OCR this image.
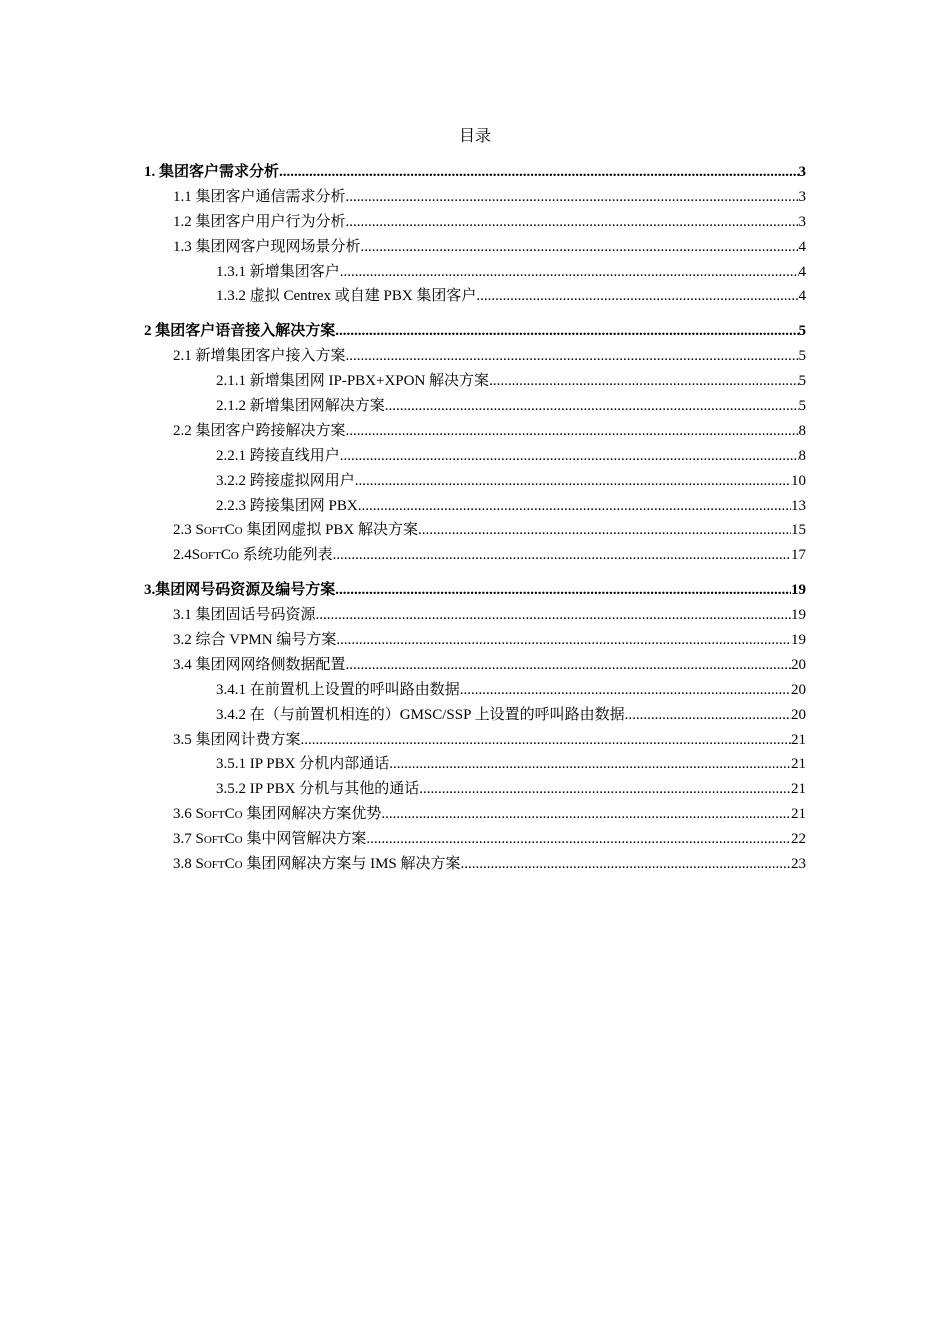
目录
1. 集团客户需求分析 .....	3
1.1 集团客户通信需求分析 .....	3
1.2 集团客户用户行为分析 .....	3
1.3 集团网客户现网场景分析 .....	4
1.3.1 新增集团客户 .....	4
1.3.2 虚拟 Centrex 或自建 PBX 集团客户 .....	4
2 集团客户语音接入解决方案 .....	5
2.1 新增集团客户接入方案 .....	5
2.1.1 新增集团网 IP-PBX+XPON 解决方案 .....	5
2.1.2 新增集团网解决方案 .....	5
2.2 集团客户跨接解决方案 .....	8
2.2.1 跨接直线用户 .....	8
3.2.2 跨接虚拟网用户 .....	10
2.2.3 跨接集团网 PBX .....	13
2.3 SoftCo 集团网虚拟 PBX 解决方案 .....	15
2.4SoftCo 系统功能列表 .....	17
3.集团网号码资源及编号方案 .....	19
3.1 集团固话号码资源 .....	19
3.2 综合 VPMN 编号方案 .....	19
3.4 集团网网络侧数据配置 .....	20
3.4.1 在前置机上设置的呼叫路由数据 .....	20
3.4.2 在（与前置机相连的）GMSC/SSP 上设置的呼叫路由数据 .....	20
3.5 集团网计费方案 .....	21
3.5.1 IP PBX 分机内部通话 .....	21
3.5.2 IP PBX 分机与其他的通话 .....	21
3.6 SoftCo 集团网解决方案优势 .....	21
3.7 SoftCo 集中网管解决方案 .....	22
3.8 SoftCo 集团网解决方案与 IMS 解决方案 .....	23
